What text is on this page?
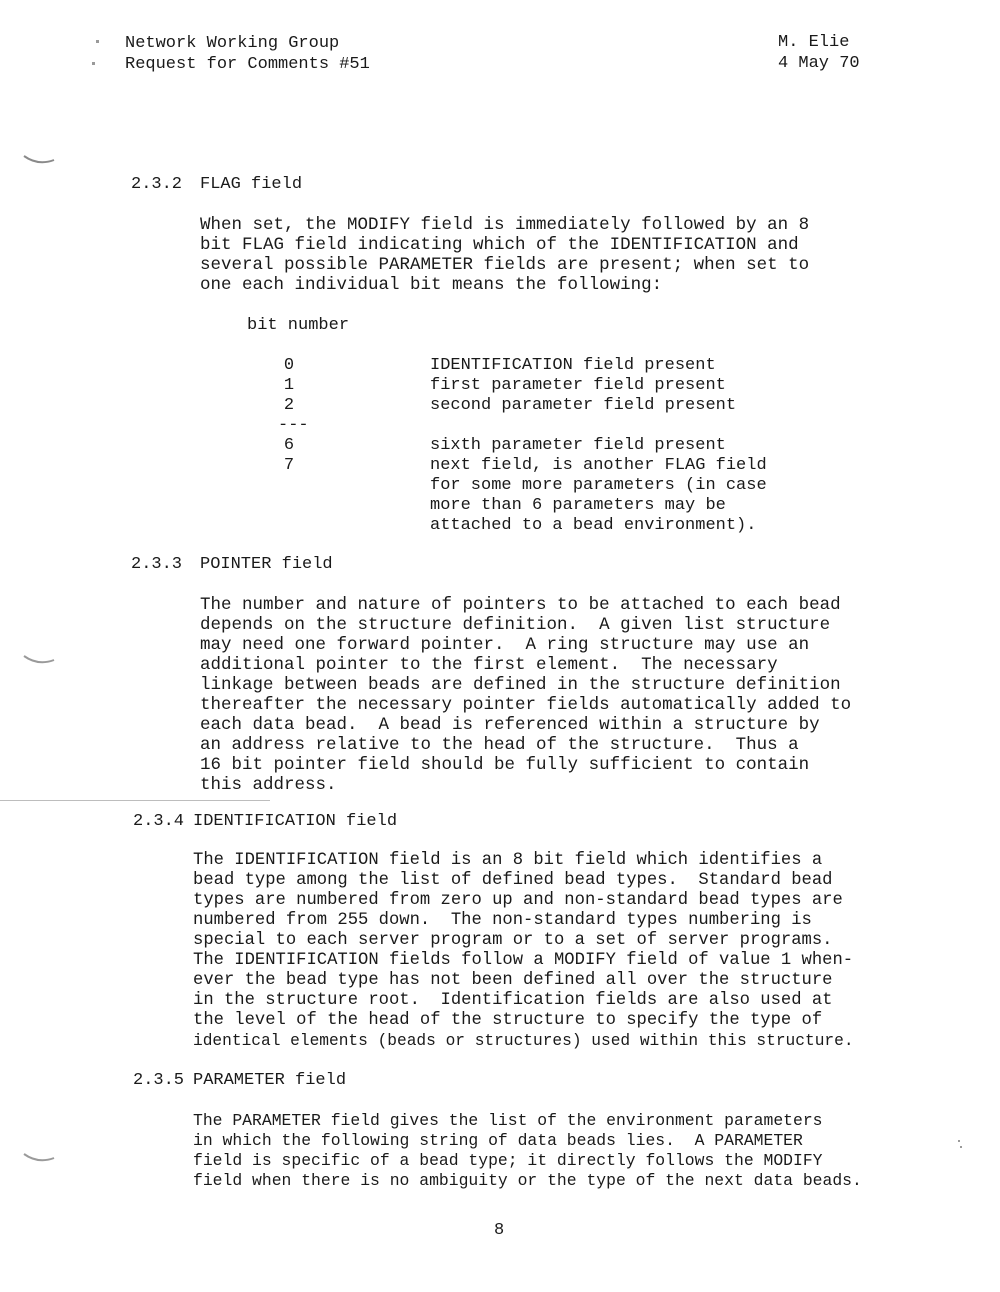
Network Working Group
Request for Comments #51
M. Elie
4 May 70
2.3.2 FLAG field
When set, the MODIFY field is immediately followed by an 8
bit FLAG field indicating which of the IDENTIFICATION and
several possible PARAMETER fields are present; when set to
one each individual bit means the following:
bit number
0
1
2
---
6
7
IDENTIFICATION field present
first parameter field present
second parameter field present
sixth parameter field present
next field, is another FLAG field
for some more parameters (in case
more than 6 parameters may be
attached to a bead environment).
2.3.3 POINTER field
The number and nature of pointers to be attached to each bead
depends on the structure definition.  A given list structure
may need one forward pointer.  A ring structure may use an
additional pointer to the first element.  The necessary
linkage between beads are defined in the structure definition
thereafter the necessary pointer fields automatically added to
each data bead.  A bead is referenced within a structure by
an address relative to the head of the structure.  Thus a
16 bit pointer field should be fully sufficient to contain
this address.
2.3.4 IDENTIFICATION field
The IDENTIFICATION field is an 8 bit field which identifies a
bead type among the list of defined bead types.  Standard bead
types are numbered from zero up and non-standard bead types are
numbered from 255 down.  The non-standard types numbering is
special to each server program or to a set of server programs.
The IDENTIFICATION fields follow a MODIFY field of value 1 when-
ever the bead type has not been defined all over the structure
in the structure root.  Identification fields are also used at
the level of the head of the structure to specify the type of
identical elements (beads or structures) used within this structure.
2.3.5 PARAMETER field
The PARAMETER field gives the list of the environment parameters
in which the following string of data beads lies.  A PARAMETER
field is specific of a bead type; it directly follows the MODIFY
field when there is no ambiguity or the type of the next data beads.
8
